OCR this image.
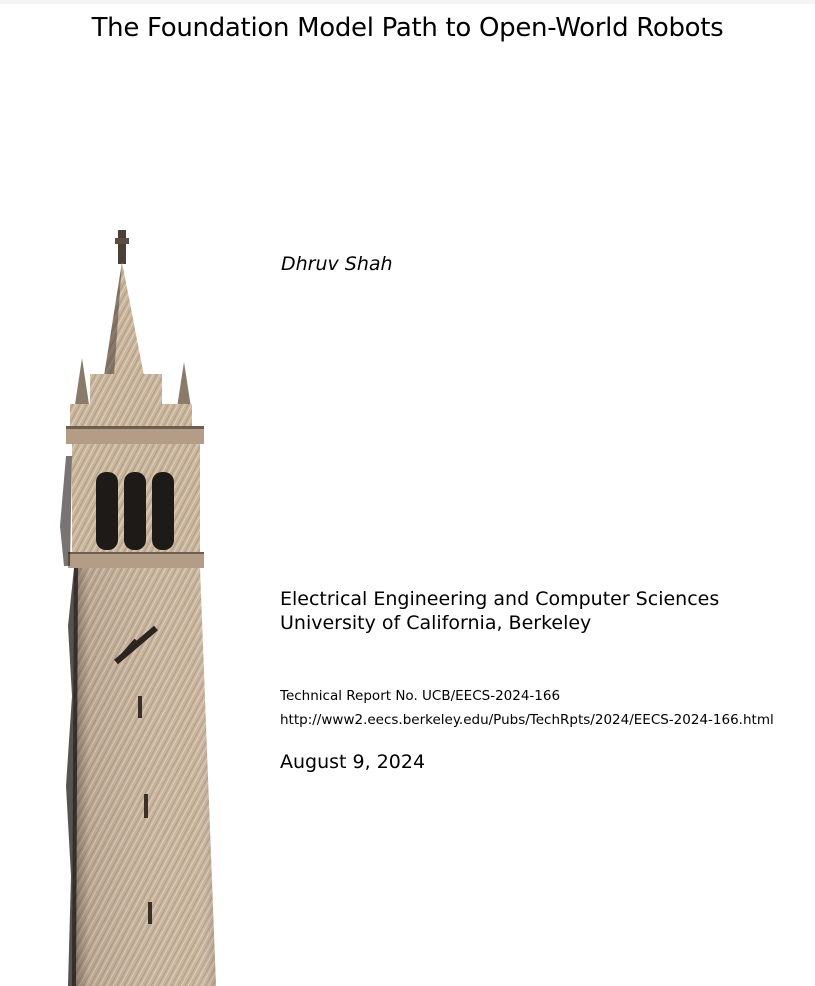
The Foundation Model Path to Open-World Robots
Dhruv Shah
Electrical Engineering and Computer Sciences
University of California, Berkeley
Technical Report No. UCB/EECS-2024-166
http://www2.eecs.berkeley.edu/Pubs/TechRpts/2024/EECS-2024-166.html
August 9, 2024
